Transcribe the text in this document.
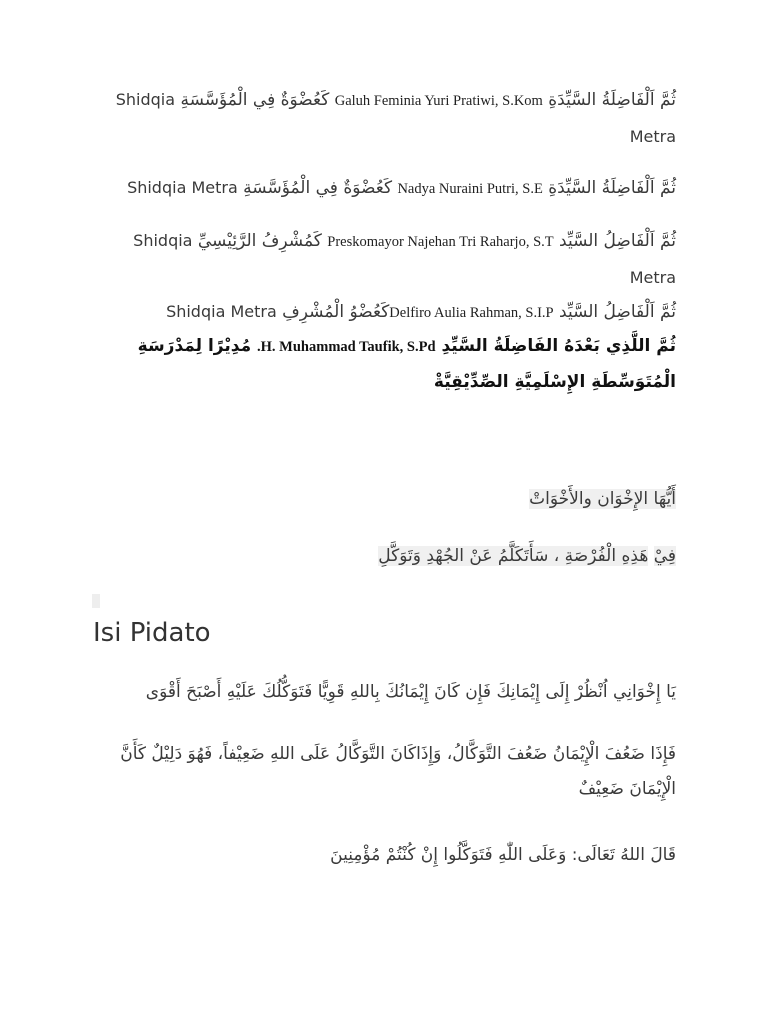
ثُمَّ اَلْفَاضِلَةُ السَّيِّدَةِ Galuh Feminia Yuri Pratiwi, S.Kom كَعُضْوَةٌ فِي الْمُؤَسَّسَةِ Shidqia Metra
ثُمَّ اَلْفَاضِلَةُ السَّيِّدَةِ Nadya Nuraini Putri, S.E كَعُضْوَةٌ فِي الْمُؤَسَّسَةِ Shidqia Metra
ثُمَّ اَلْفَاضِلُ السَّيِّد Preskomayor Najehan Tri Raharjo, S.T كَمُشْرِفُ الرَّئِيْسِيِّ Shidqia Metra
ثُمَّ اَلْفَاضِلُ السَّيِّد Delfiro Aulia Rahman, S.I.Pكَعُضْوُ الْمُشْرِفِ Shidqia Metra
ثُمَّ اللَّذِي بَعْدَهُ الفَاضِلَةُ السَّيِّدِ H. Muhammad Taufik, S.Pd. مُدِيْرًا لِمَدْرَسَةِ الْمُتَوَسِّطَةِ الإِسْلَمِيَّةِ الصِّدِّيْقِيَّةْ
أَيُّهَا الإِخْوَان والأَخْوَاتْ
فِيْ هَذِهِ الْفُرْصَةِ ، سَأَتَكَلَّمُ عَنْ الجُهْدِ وَتَوَكَّلِ
Isi Pidato
يَا إِخْوَانِي اُنْظُرْ إِلَى إِيْمَانِكَ فَإِن كَانَ إِيْمَانُكَ بِاللهِ قَوِيًّا فَتَوَكُّلُكَ عَلَيْهِ أَصْبَحَ أَقْوَى
فَإِذَا ضَعُفَ الْإِيْمَانُ ضَعُفَ التَّوَكَّالُ، وَإِذَاكَانَ التَّوَكَّالُ عَلَى اللهِ ضَعِيْفاً، فَهُوَ دَلِيْلٌ كَأَنَّ الْإِيْمَانَ ضَعِيْفٌ
قَالَ اللهُ تَعَالَى: وَعَلَى اللّٰهِ فَتَوَكَّلُوا إِنْ كُنْتُمْ مُؤْمِنِينَ
